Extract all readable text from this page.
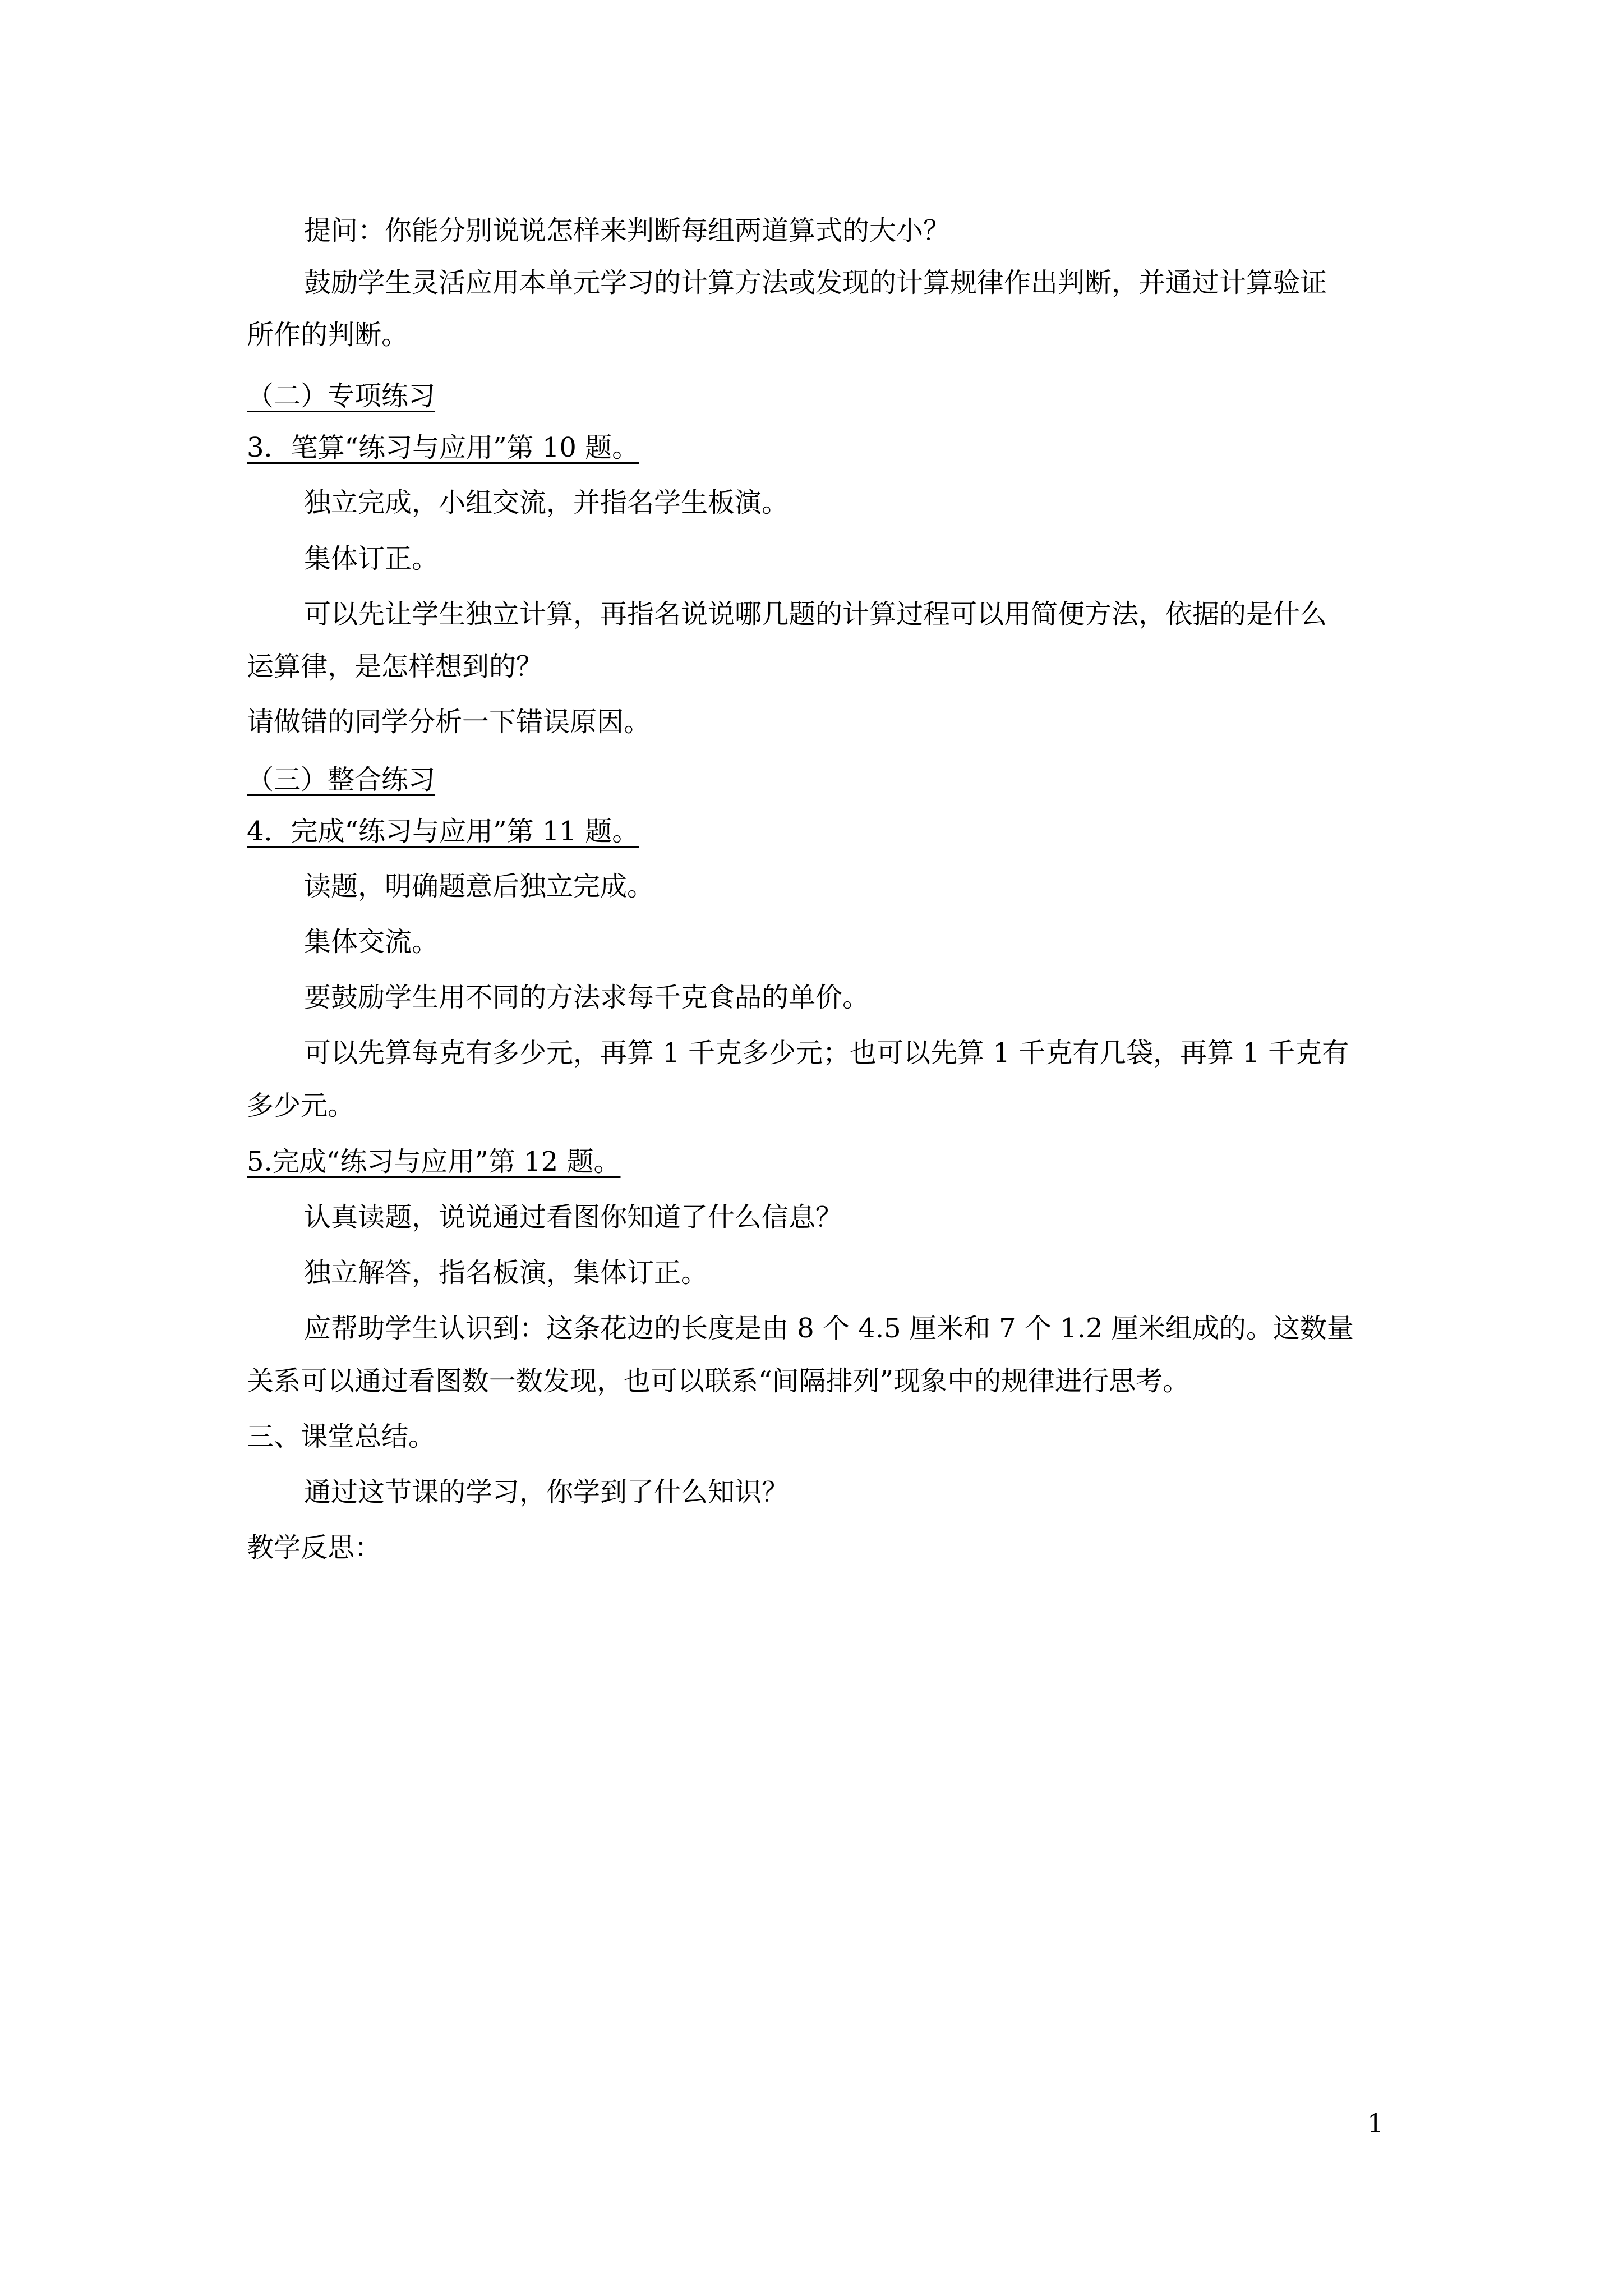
提问：你能分别说说怎样来判断每组两道算式的大小？
鼓励学生灵活应用本单元学习的计算方法或发现的计算规律作出判断，并通过计算验证
所作的判断。
（二）专项练习
3．笔算“练习与应用”第 10 题。
独立完成，小组交流，并指名学生板演。
集体订正。
可以先让学生独立计算，再指名说说哪几题的计算过程可以用简便方法，依据的是什么
运算律，是怎样想到的？
请做错的同学分析一下错误原因。
（三）整合练习
4．完成“练习与应用”第 11 题。
读题，明确题意后独立完成。
集体交流。
要鼓励学生用不同的方法求每千克食品的单价。
可以先算每克有多少元，再算 1 千克多少元；也可以先算 1 千克有几袋，再算 1 千克有
多少元。
5.完成“练习与应用”第 12 题。
认真读题，说说通过看图你知道了什么信息？
独立解答，指名板演，集体订正。
应帮助学生认识到：这条花边的长度是由 8 个 4.5 厘米和 7 个 1.2 厘米组成的。这数量
关系可以通过看图数一数发现，也可以联系“间隔排列”现象中的规律进行思考。
三、课堂总结。
通过这节课的学习，你学到了什么知识？
教学反思：
1
